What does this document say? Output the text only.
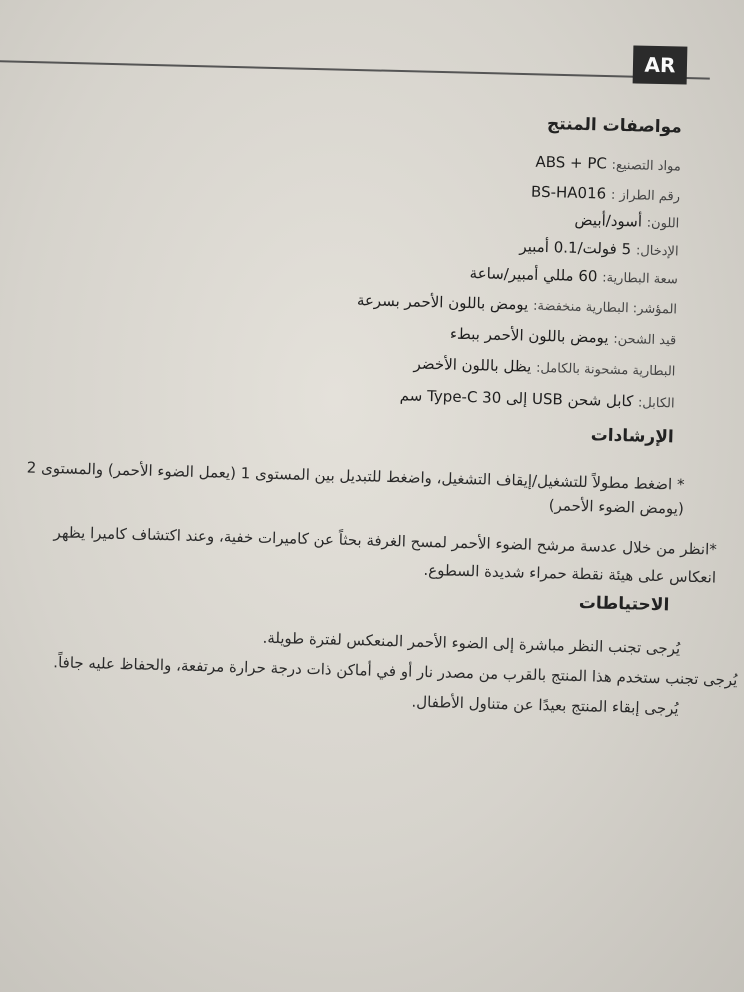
AR
مواصفات المنتج
مواد التصنيع: ABS + PC
رقم الطراز : BS-HA016
اللون: أسود/أبيض
الإدخال: 5 فولت/0.1 أمبير
سعة البطارية: 60 مللي أمبير/ساعة
المؤشر: البطارية منخفضة: يومض باللون الأحمر بسرعة
قيد الشحن: يومض باللون الأحمر ببطء
البطارية مشحونة بالكامل: يظل باللون الأخضر
الكابل: كابل شحن USB إلى Type-C 30 سم
الإرشادات
* اضغط مطولاً للتشغيل/إيقاف التشغيل، واضغط للتبديل بين المستوى 1 (يعمل الضوء الأحمر) والمستوى 2
(يومض الضوء الأحمر)
*انظر من خلال عدسة مرشح الضوء الأحمر لمسح الغرفة بحثاً عن كاميرات خفية، وعند اكتشاف كاميرا يظهر
انعكاس على هيئة نقطة حمراء شديدة السطوع.
الاحتياطات
يُرجى تجنب النظر مباشرة إلى الضوء الأحمر المنعكس لفترة طويلة.
يُرجى تجنب ستخدم هذا المنتج بالقرب من مصدر نار أو في أماكن ذات درجة حرارة مرتفعة، والحفاظ عليه جافاً.
يُرجى إبقاء المنتج بعيدًا عن متناول الأطفال.
